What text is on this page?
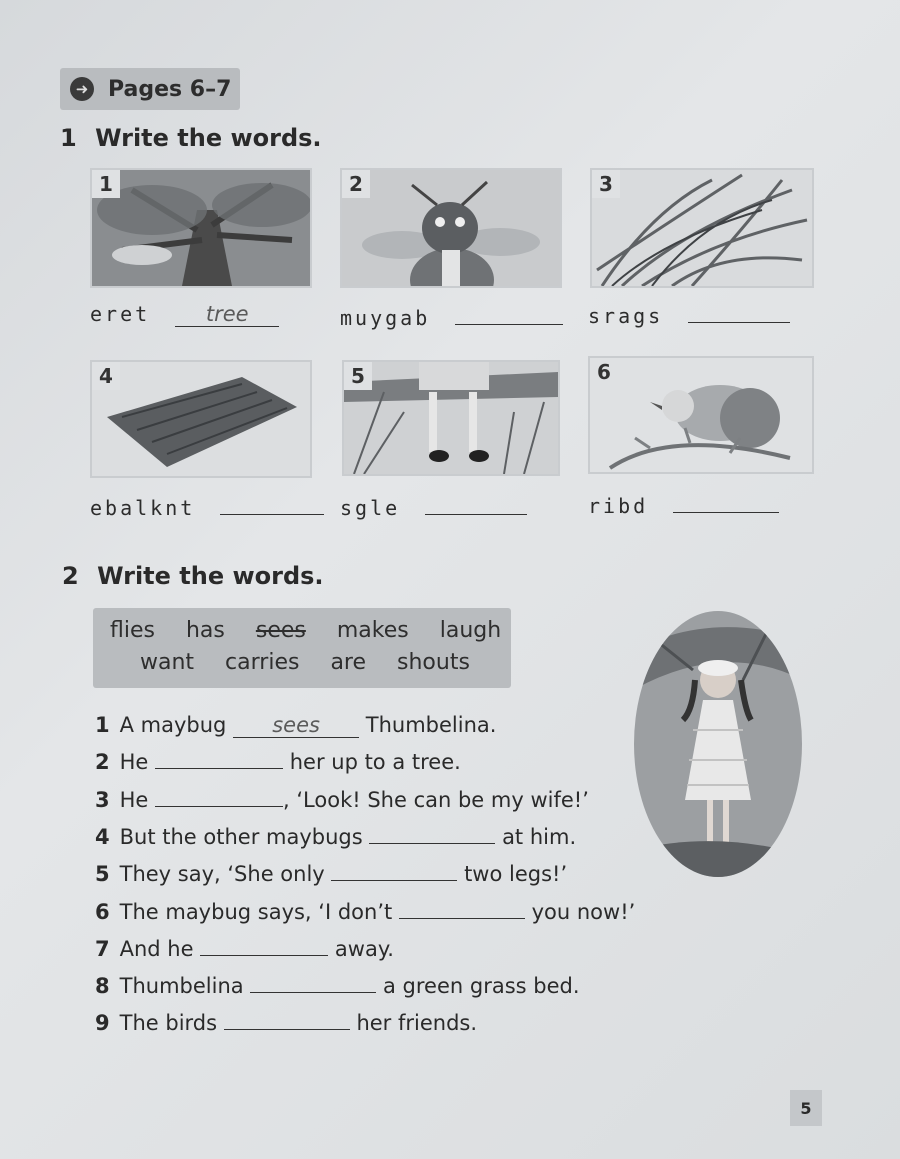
➜ Pages 6–7
1 Write the words.
1	2	3
eret	tree	muygab	srags
4	5	6
ebalknt	sgle	ribd
2 Write the words.
flies has sees makes laugh
want carries are shouts
1 A maybug sees Thumbelina.
2 He	her up to a tree.
3 He	, ‘Look! She can be my wife!’
4 But the other maybugs	at him.
5 They say, ‘She only	two legs!’
6 The maybug says, ‘I don’t	you now!’
7 And he	away.
8 Thumbelina	a green grass bed.
9 The birds	her friends.
5
